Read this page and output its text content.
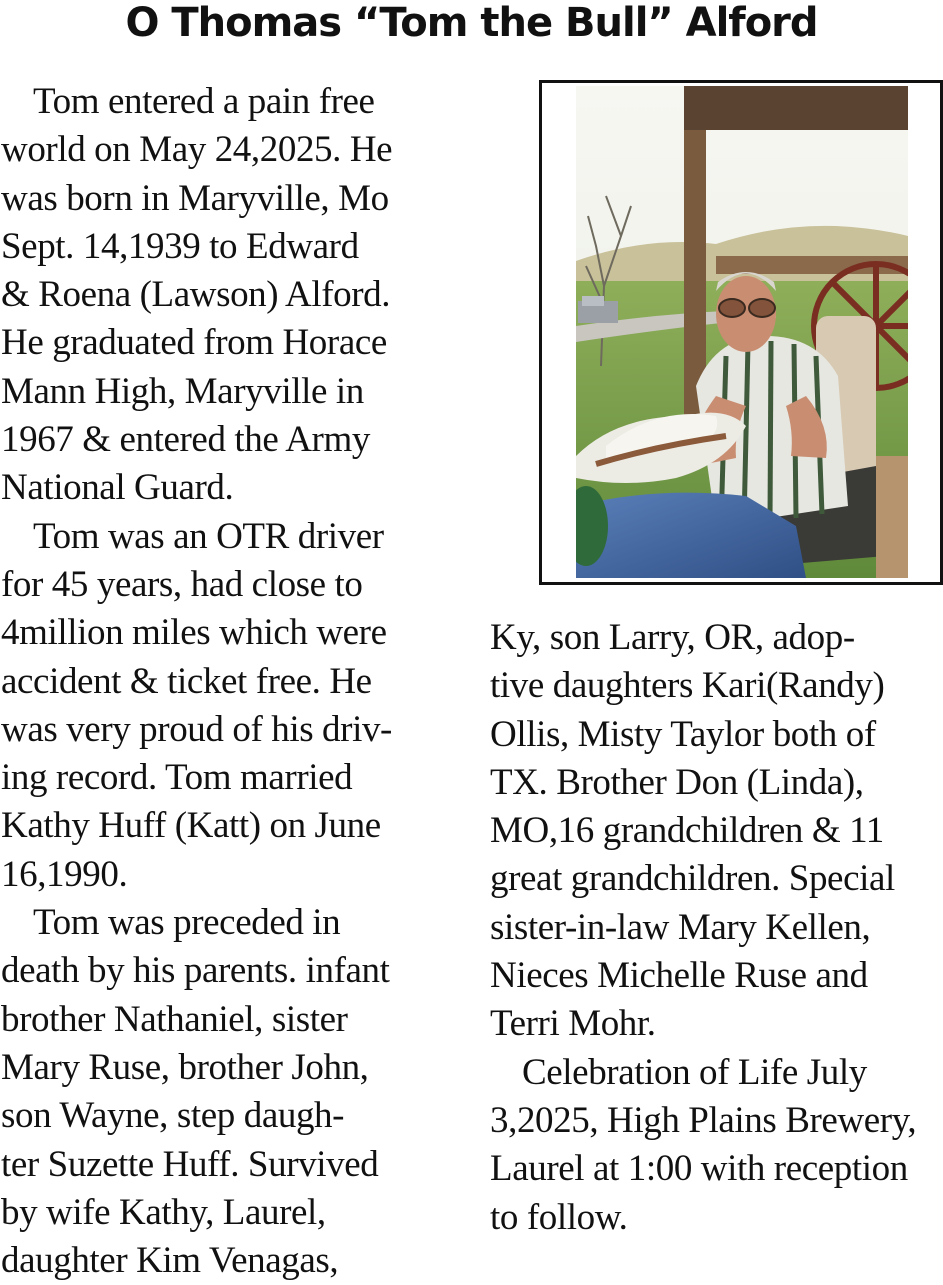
O Thomas “Tom the Bull” Alford
Tom entered a pain free
world on May 24,2025. He
was born in Maryville, Mo
Sept. 14,1939 to Edward
& Roena (Lawson) Alford.
He graduated from Horace
Mann High, Maryville in
1967 & entered the Army
National Guard.
Tom was an OTR driver
for 45 years, had close to
4million miles which were
accident & ticket free. He
was very proud of his driv-
ing record. Tom married
Kathy Huff (Katt) on June
16,1990.
Tom was preceded in
death by his parents. infant
brother Nathaniel, sister
Mary Ruse, brother John,
son Wayne, step daugh-
ter Suzette Huff. Survived
by wife Kathy, Laurel,
daughter Kim Venagas,
Ky, son Larry, OR, adop-
tive daughters Kari(Randy)
Ollis, Misty Taylor both of
TX. Brother Don (Linda),
MO,16 grandchildren & 11
great grandchildren. Special
sister-in-law Mary Kellen,
Nieces Michelle Ruse and
Terri Mohr.
Celebration of Life July
3,2025, High Plains Brewery,
Laurel at 1:00 with reception
to follow.
